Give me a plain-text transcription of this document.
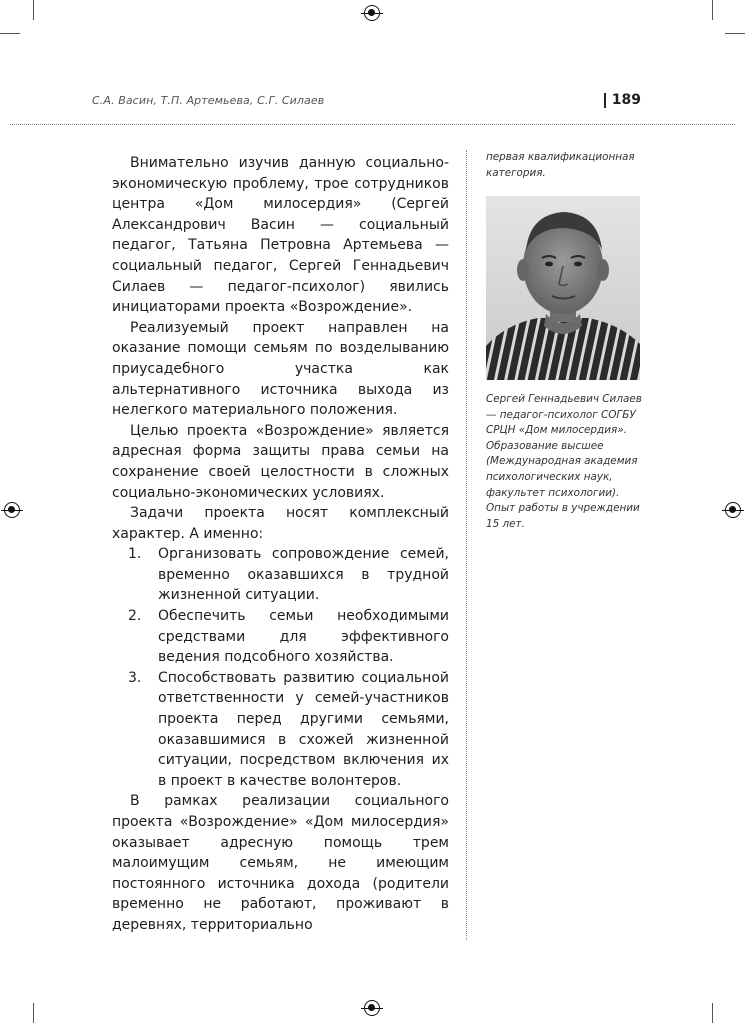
С.А. Васин, Т.П. Артемьева, С.Г. Силаев	189

Внимательно изучив данную социально-экономическую проблему, трое сотрудников центра «Дом милосердия» (Сергей Александрович Васин — социальный педагог, Татьяна Петровна Артемьева — социальный педагог, Сергей Геннадьевич Силаев — педагог-психолог) явились инициаторами проекта «Возрождение».

Реализуемый проект направлен на оказание помощи семьям по возделыванию приусадебного участка как альтернативного источника выхода из нелегкого материального положения.

Целью проекта «Возрождение» является адресная форма защиты права семьи на сохранение своей целостности в сложных социально-экономических условиях.

Задачи проекта носят комплексный характер. А именно:

1. Организовать сопровождение семей, временно оказавшихся в трудной жизненной ситуации.
2. Обеспечить семьи необходимыми средствами для эффективного ведения подсобного хозяйства.
3. Способствовать развитию социальной ответственности у семей-участников проекта перед другими семьями, оказавшимися в схожей жизненной ситуации, посредством включения их в проект в качестве волонтеров.

В рамках реализации социального проекта «Возрождение» «Дом милосердия» оказывает адресную помощь трем малоимущим семьям, не имеющим постоянного источника дохода (родители временно не работают, проживают в деревнях, территориально

первая квалификационная категория.
Сергей Геннадьевич Силаев — педагог-психолог СОГБУ СРЦН «Дом милосердия». Образование высшее (Международная академия психологических наук, факультет психологии). Опыт работы в учреждении 15 лет.
